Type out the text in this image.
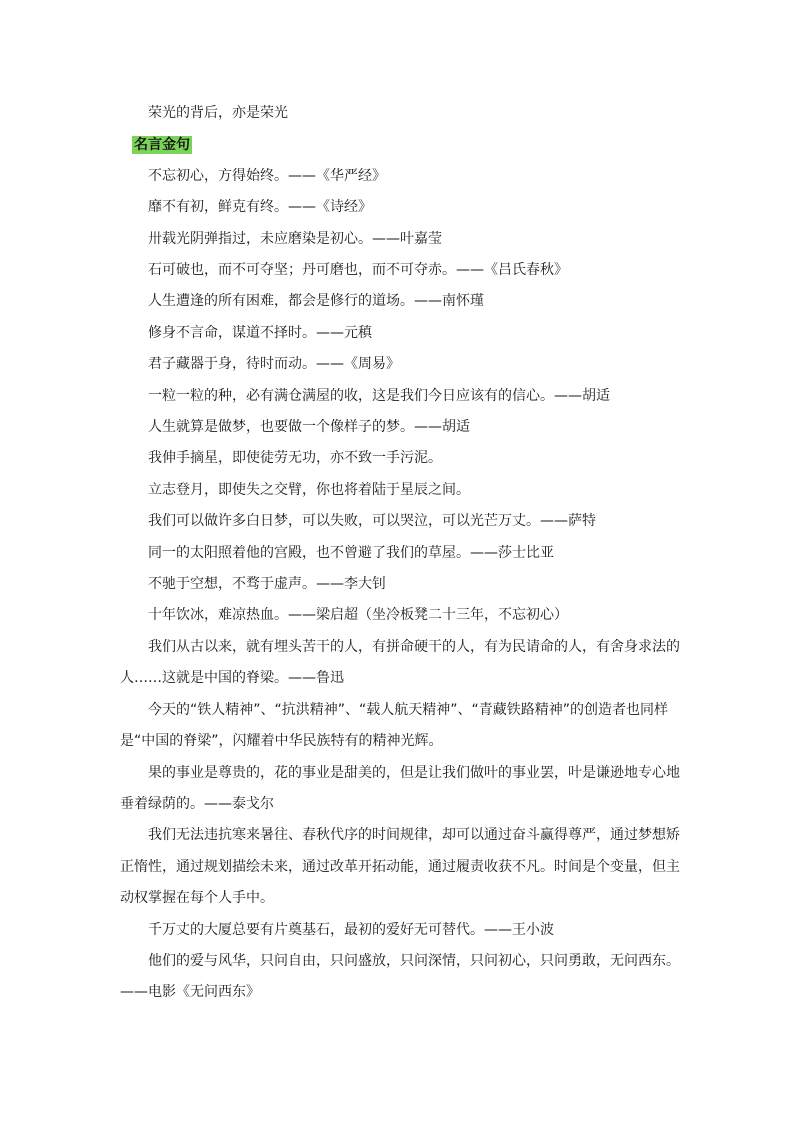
荣光的背后，亦是荣光

名言金句

不忘初心，方得始终。——《华严经》

靡不有初，鲜克有终。——《诗经》

卅载光阴弹指过，未应磨染是初心。——叶嘉莹

石可破也，而不可夺坚；丹可磨也，而不可夺赤。——《吕氏春秋》

人生遭逢的所有困难，都会是修行的道场。——南怀瑾

修身不言命，谋道不择时。——元稹

君子藏器于身，待时而动。——《周易》

一粒一粒的种，必有满仓满屋的收，这是我们今日应该有的信心。——胡适

人生就算是做梦，也要做一个像样子的梦。——胡适

我伸手摘星，即使徒劳无功，亦不致一手污泥。

立志登月，即使失之交臂，你也将着陆于星辰之间。

我们可以做许多白日梦，可以失败，可以哭泣，可以光芒万丈。——萨特

同一的太阳照着他的宫殿，也不曾避了我们的草屋。——莎士比亚

不驰于空想，不骛于虚声。——李大钊

十年饮冰，难凉热血。——梁启超（坐冷板凳二十三年，不忘初心）

我们从古以来，就有埋头苦干的人，有拼命硬干的人，有为民请命的人，有舍身求法的
人……这就是中国的脊梁。——鲁迅
今天的“铁人精神”、“抗洪精神”、“载人航天精神”、“青藏铁路精神”的创造者也同样
是“中国的脊梁”，闪耀着中华民族特有的精神光辉。
果的事业是尊贵的，花的事业是甜美的，但是让我们做叶的事业罢，叶是谦逊地专心地
垂着绿荫的。——泰戈尔
我们无法违抗寒来暑往、春秋代序的时间规律，却可以通过奋斗赢得尊严，通过梦想矫
正惰性，通过规划描绘未来，通过改革开拓动能，通过履责收获不凡。时间是个变量，但主
动权掌握在每个人手中。

千万丈的大厦总要有片奠基石，最初的爱好无可替代。——王小波

他们的爱与风华，只问自由，只问盛放，只问深情，只问初心，只问勇敢，无问西东。
——电影《无问西东》
